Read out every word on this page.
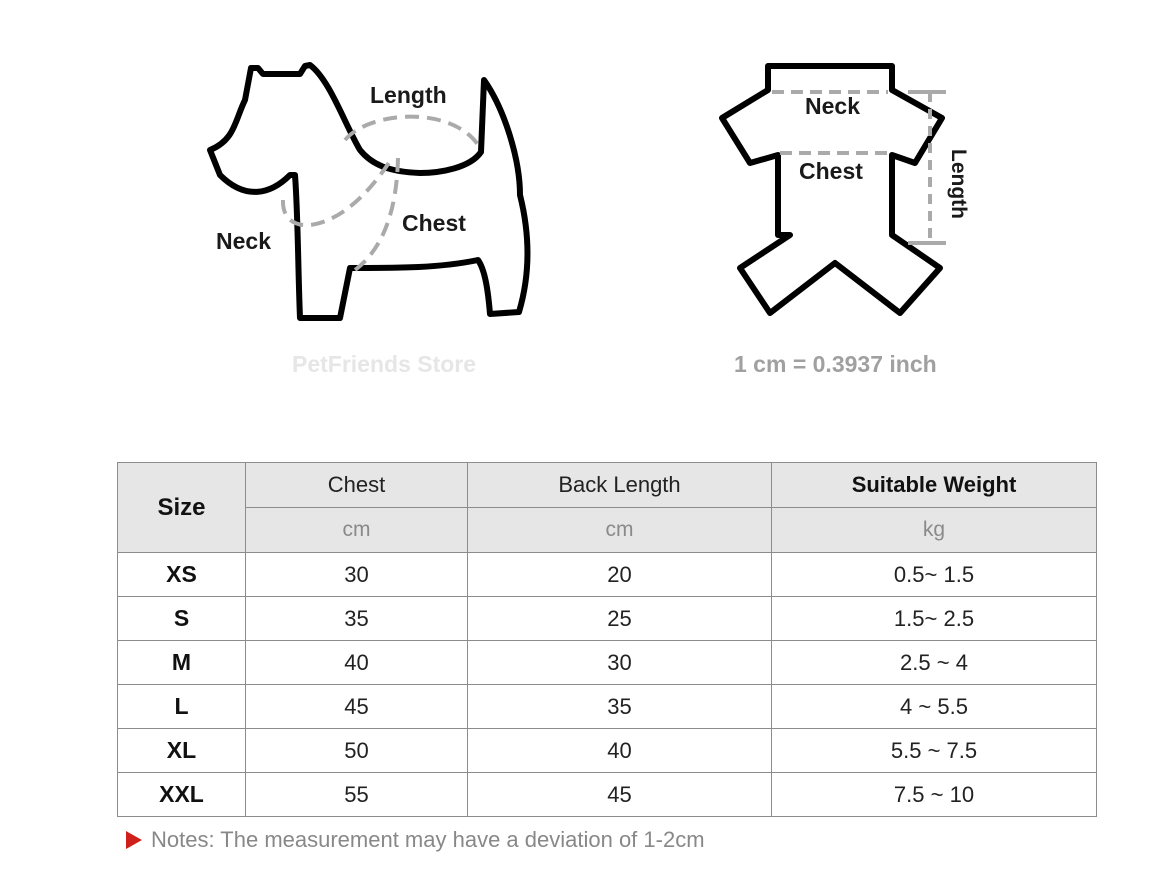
Length
Chest
Neck
PetFriends Store
Neck
Chest	Length
1 cm = 0.3937 inch
Size	Chest	Back Length	Suitable Weight
	cm	cm	kg
XS	30	20	0.5~ 1.5
S	35	25	1.5~ 2.5
M	40	30	2.5 ~ 4
L	45	35	4 ~ 5.5
XL	50	40	5.5 ~ 7.5
XXL	55	45	7.5 ~ 10
Notes: The measurement may have a deviation of 1-2cm
